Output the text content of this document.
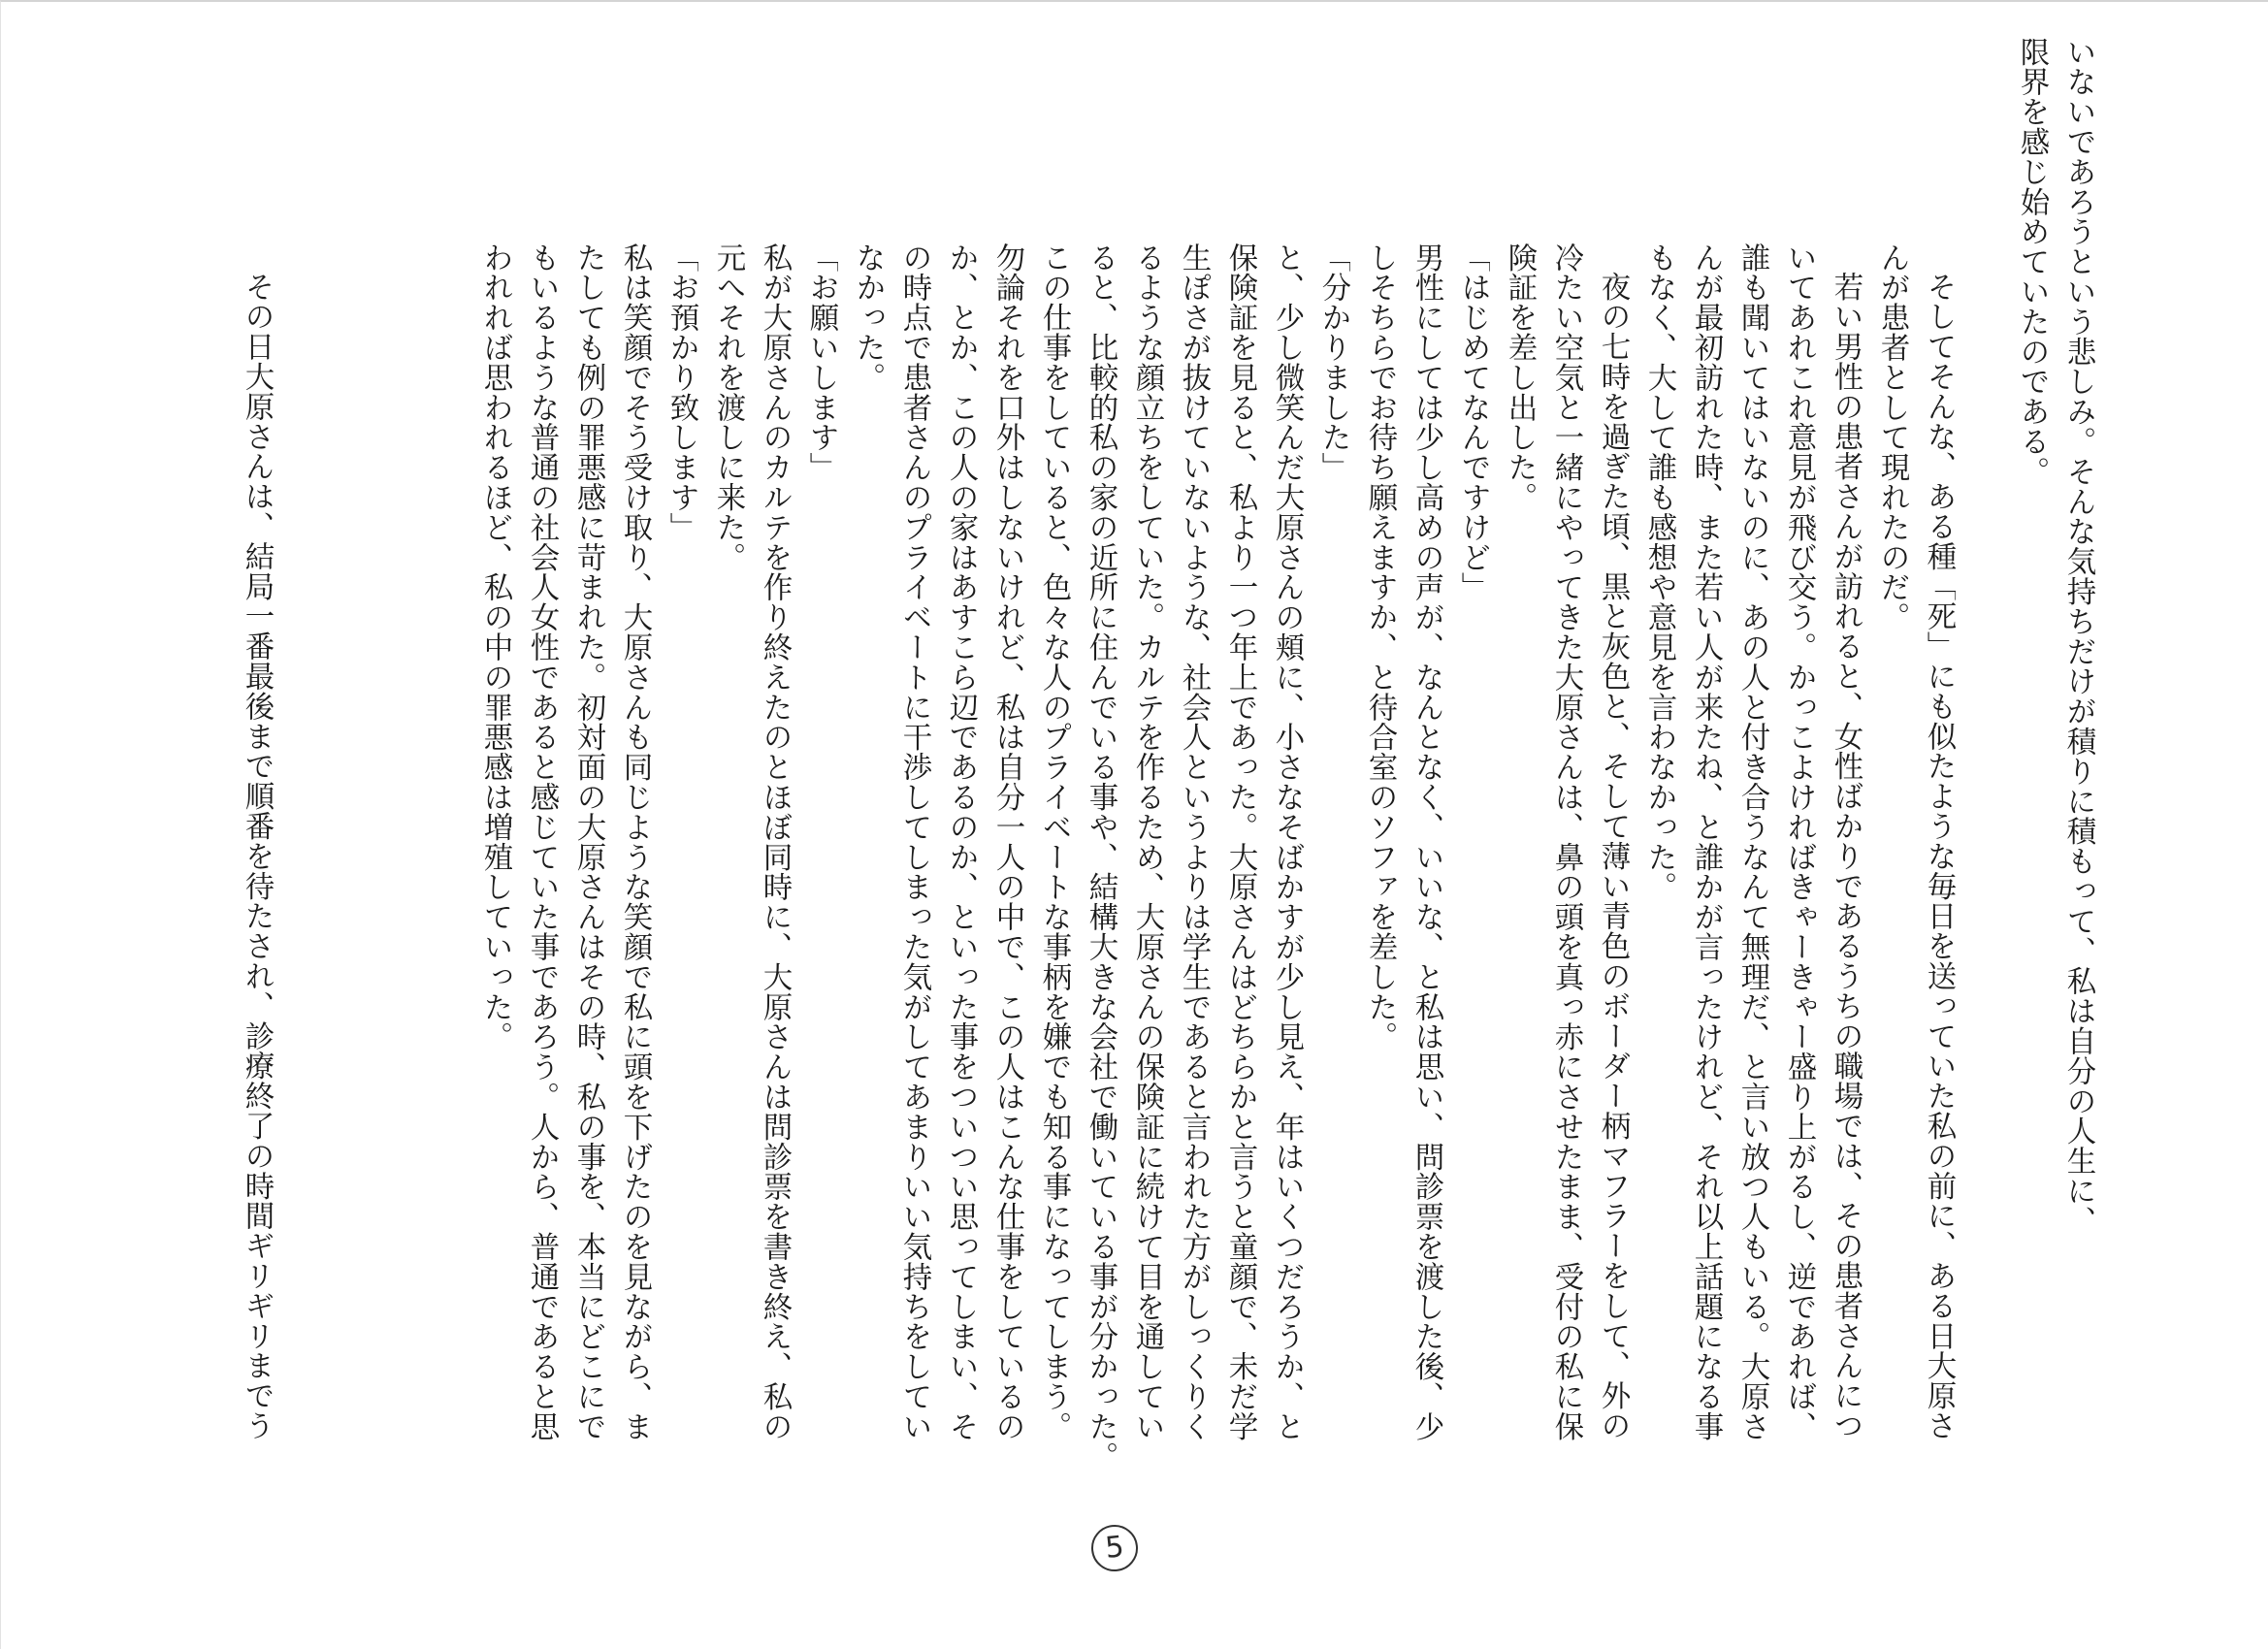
いないであろうという悲しみ。そんな気持ちだけが積りに積もって、私は自分の人生に、
限界を感じ始めていたのである。
そしてそんな、ある種「死」にも似たような毎日を送っていた私の前に、ある日大原さ
んが患者として現れたのだ。
若い男性の患者さんが訪れると、女性ばかりであるうちの職場では、その患者さんにつ
いてあれこれ意見が飛び交う。かっこよければきゃーきゃー盛り上がるし、逆であれば、
誰も聞いてはいないのに、あの人と付き合うなんて無理だ、と言い放つ人もいる。大原さ
んが最初訪れた時、また若い人が来たね、と誰かが言ったけれど、それ以上話題になる事
もなく、大して誰も感想や意見を言わなかった。
夜の七時を過ぎた頃、黒と灰色と、そして薄い青色のボーダー柄マフラーをして、外の
冷たい空気と一緒にやってきた大原さんは、鼻の頭を真っ赤にさせたまま、受付の私に保
険証を差し出した。
「はじめてなんですけど」
男性にしては少し高めの声が、なんとなく、いいな、と私は思い、問診票を渡した後、少
しそちらでお待ち願えますか、と待合室のソファを差した。
「分かりました」
と、少し微笑んだ大原さんの頬に、小さなそばかすが少し見え、年はいくつだろうか、と
保険証を見ると、私より一つ年上であった。大原さんはどちらかと言うと童顔で、未だ学
生ぽさが抜けていないような、社会人というよりは学生であると言われた方がしっくりく
るような顔立ちをしていた。カルテを作るため、大原さんの保険証に続けて目を通してい
ると、比較的私の家の近所に住んでいる事や、結構大きな会社で働いている事が分かった。
この仕事をしていると、色々な人のプライベートな事柄を嫌でも知る事になってしまう。
勿論それを口外はしないけれど、私は自分一人の中で、この人はこんな仕事をしているの
か、とか、この人の家はあすこら辺であるのか、といった事をついつい思ってしまい、そ
の時点で患者さんのプライベートに干渉してしまった気がしてあまりいい気持ちをしてい
なかった。
「お願いします」
私が大原さんのカルテを作り終えたのとほぼ同時に、大原さんは問診票を書き終え、私の
元へそれを渡しに来た。
「お預かり致します」
私は笑顔でそう受け取り、大原さんも同じような笑顔で私に頭を下げたのを見ながら、ま
たしても例の罪悪感に苛まれた。初対面の大原さんはその時、私の事を、本当にどこにで
もいるような普通の社会人女性であると感じていた事であろう。人から、普通であると思
われれば思われるほど、私の中の罪悪感は増殖していった。
その日大原さんは、結局一番最後まで順番を待たされ、診療終了の時間ギリギリまでう
5
